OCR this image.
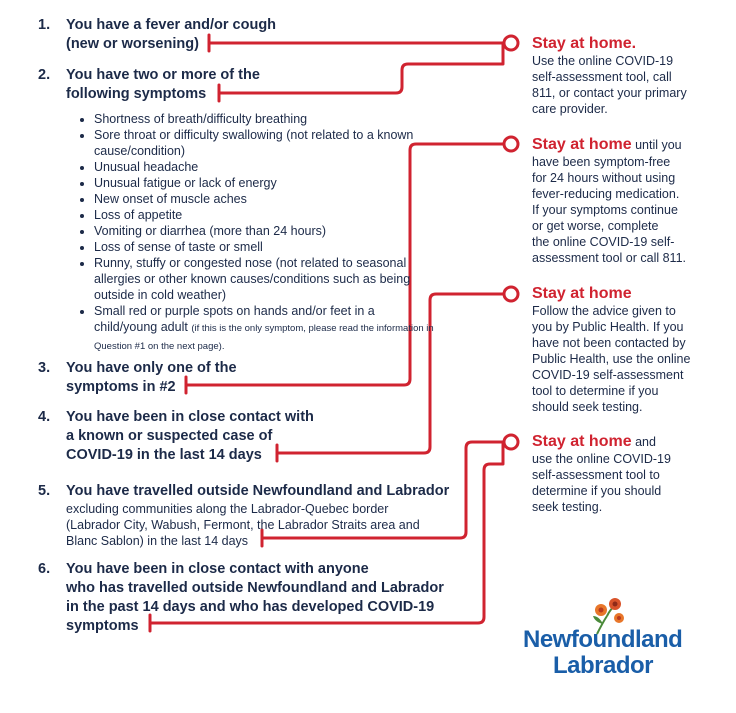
1. You have a fever and/or cough
(new or worsening)
2. You have two or more of the
following symptoms
• Shortness of breath/difficulty breathing
• Sore throat or difficulty swallowing (not related to a known cause/condition)
• Unusual headache
• Unusual fatigue or lack of energy
• New onset of muscle aches
• Loss of appetite
• Vomiting or diarrhea (more than 24 hours)
• Loss of sense of taste or smell
• Runny, stuffy or congested nose (not related to seasonal allergies or other known causes/conditions such as being outside in cold weather)
• Small red or purple spots on hands and/or feet in a child/young adult (if this is the only symptom, please read the information in Question #1 on the next page).
3. You have only one of the
symptoms in #2
4. You have been in close contact with
a known or suspected case of
COVID-19 in the last 14 days
5. You have travelled outside Newfoundland and Labrador
excluding communities along the Labrador-Quebec border
(Labrador City, Wabush, Fermont, the Labrador Straits area and
Blanc Sablon) in the last 14 days
6. You have been in close contact with anyone
who has travelled outside Newfoundland and Labrador
in the past 14 days and who has developed COVID-19
symptoms
Stay at home.
Use the online COVID-19
self-assessment tool, call
811, or contact your primary
care provider.
Stay at home until you
have been symptom-free
for 24 hours without using
fever-reducing medication.
If your symptoms continue
or get worse, complete
the online COVID-19 self-
assessment tool or call 811.
Stay at home
Follow the advice given to
you by Public Health. If you
have not been contacted by
Public Health, use the online
COVID-19 self-assessment
tool to determine if you
should seek testing.
Stay at home and
use the online COVID-19
self-assessment tool to
determine if you should
seek testing.
Newfoundland
Labrador
